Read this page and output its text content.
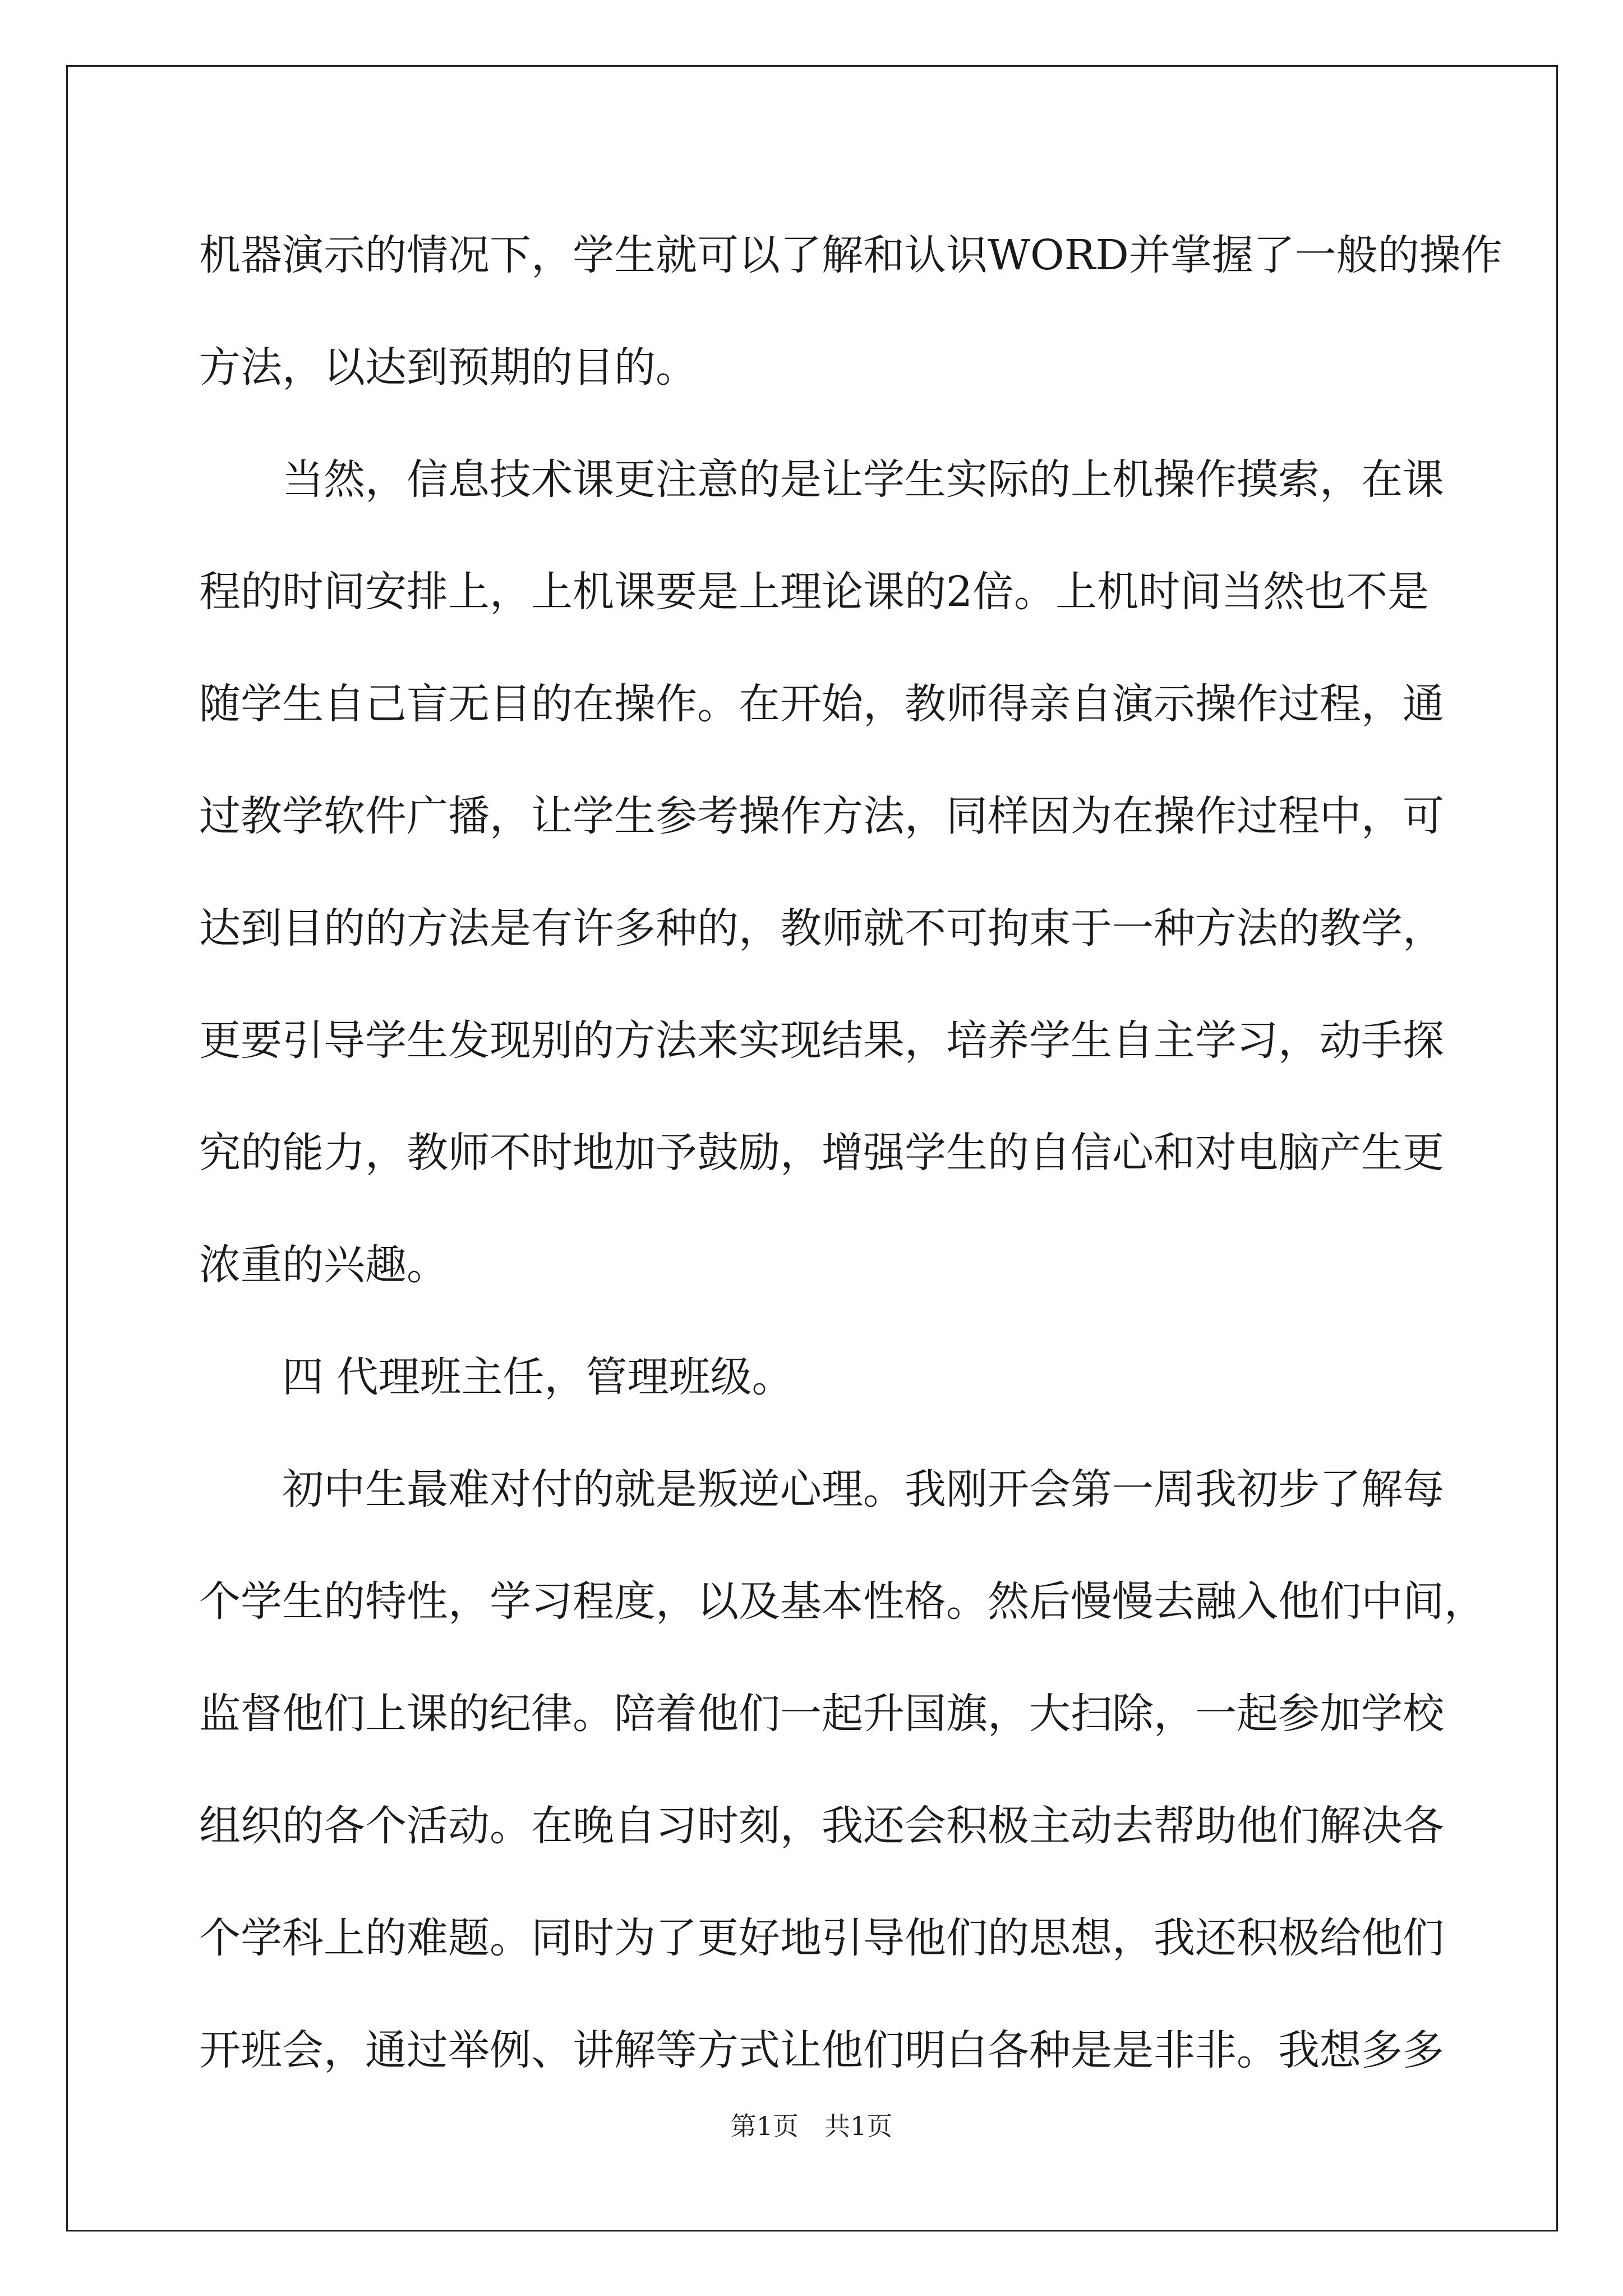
机器演示的情况下，学生就可以了解和认识WORD并掌握了一般的操作
方法，以达到预期的目的。
当然，信息技术课更注意的是让学生实际的上机操作摸索，在课
程的时间安排上，上机课要是上理论课的2倍。上机时间当然也不是
随学生自己盲无目的在操作。在开始，教师得亲自演示操作过程，通
过教学软件广播，让学生参考操作方法，同样因为在操作过程中，可
达到目的的方法是有许多种的，教师就不可拘束于一种方法的教学，
更要引导学生发现别的方法来实现结果，培养学生自主学习，动手探
究的能力，教师不时地加予鼓励，增强学生的自信心和对电脑产生更
浓重的兴趣。
四 代理班主任，管理班级。
初中生最难对付的就是叛逆心理。我刚开会第一周我初步了解每
个学生的特性，学习程度，以及基本性格。然后慢慢去融入他们中间，
监督他们上课的纪律。陪着他们一起升国旗，大扫除，一起参加学校
组织的各个活动。在晚自习时刻，我还会积极主动去帮助他们解决各
个学科上的难题。同时为了更好地引导他们的思想，我还积极给他们
开班会，通过举例、讲解等方式让他们明白各种是是非非。我想多多
第1页　共1页
